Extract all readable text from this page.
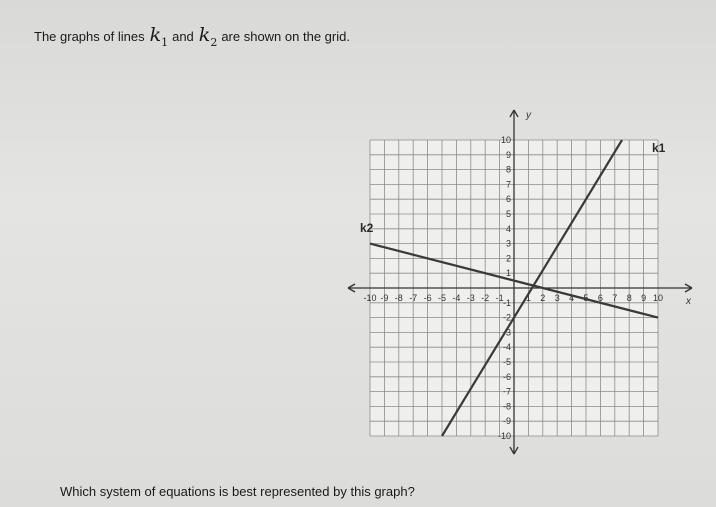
The graphs of lines $k_1$ and $k_2$ are shown on the grid.
-10 -9 -8 -7 -6 -5 -4 -3 -2 -1 1 2 3 4 5 6 7 8 9 10
10
9
8
7
6
5
4
3
2
1
-1
-2
-3
-4
-5
-6
-7
-8
-9
-10
x
y
k1
k2
Which system of equations is best represented by this graph?
